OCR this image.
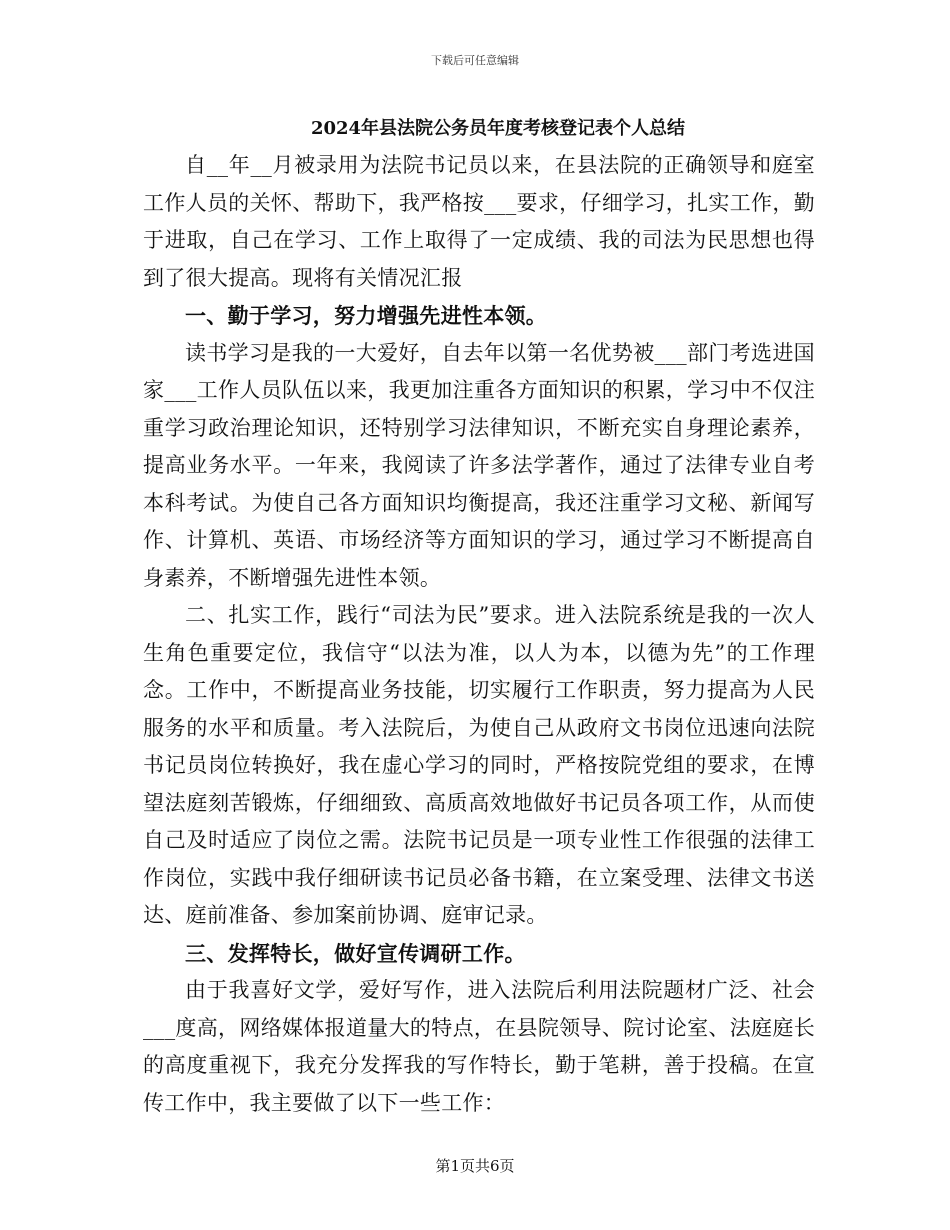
下载后可任意编辑
2024年县法院公务员年度考核登记表个人总结

自__年__月被录用为法院书记员以来，在县法院的正确领导和庭室工作人员的关怀、帮助下，我严格按___要求，仔细学习，扎实工作，勤于进取，自己在学习、工作上取得了一定成绩、我的司法为民思想也得到了很大提高。现将有关情况汇报

一、勤于学习，努力增强先进性本领。

读书学习是我的一大爱好，自去年以第一名优势被___部门考选进国家___工作人员队伍以来，我更加注重各方面知识的积累，学习中不仅注重学习政治理论知识，还特别学习法律知识，不断充实自身理论素养，提高业务水平。一年来，我阅读了许多法学著作，通过了法律专业自考本科考试。为使自己各方面知识均衡提高，我还注重学习文秘、新闻写作、计算机、英语、市场经济等方面知识的学习，通过学习不断提高自身素养，不断增强先进性本领。

二、扎实工作，践行“司法为民”要求。进入法院系统是我的一次人生角色重要定位，我信守“以法为准，以人为本，以德为先”的工作理念。工作中，不断提高业务技能，切实履行工作职责，努力提高为人民服务的水平和质量。考入法院后，为使自己从政府文书岗位迅速向法院书记员岗位转换好，我在虚心学习的同时，严格按院党组的要求，在博望法庭刻苦锻炼，仔细细致、高质高效地做好书记员各项工作，从而使自己及时适应了岗位之需。法院书记员是一项专业性工作很强的法律工作岗位，实践中我仔细研读书记员必备书籍，在立案受理、法律文书送达、庭前准备、参加案前协调、庭审记录。

三、发挥特长，做好宣传调研工作。

由于我喜好文学，爱好写作，进入法院后利用法院题材广泛、社会___度高，网络媒体报道量大的特点，在县院领导、院讨论室、法庭庭长的高度重视下，我充分发挥我的写作特长，勤于笔耕，善于投稿。在宣传工作中，我主要做了以下一些工作：

第1页共6页
